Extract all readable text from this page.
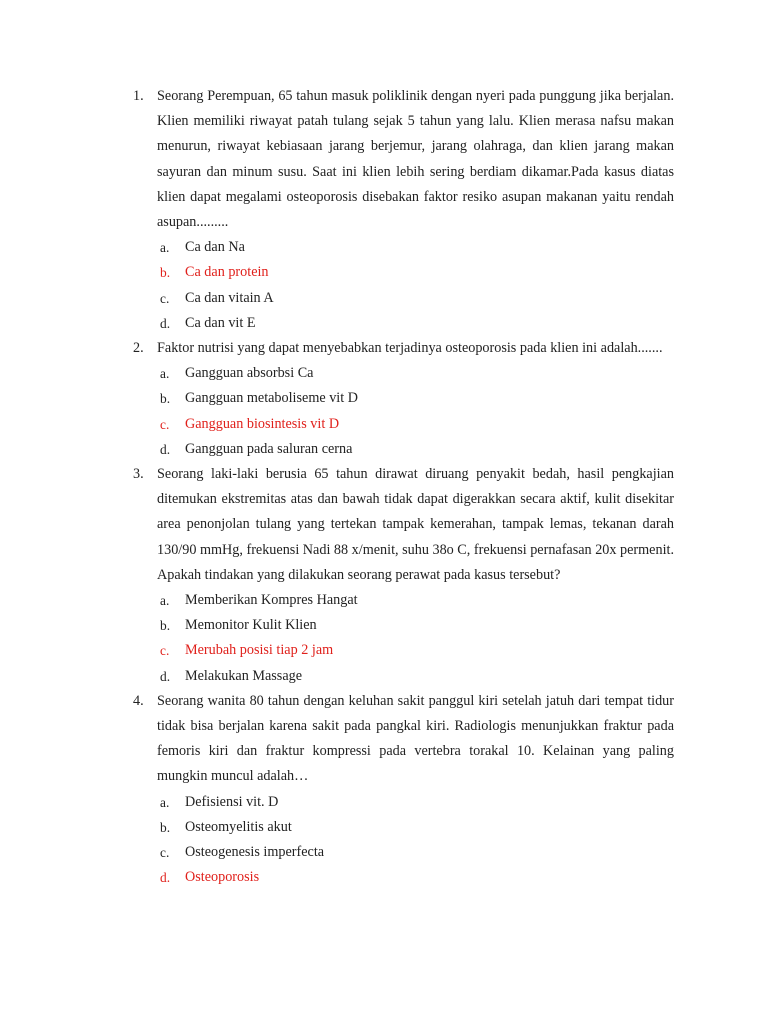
1. Seorang Perempuan, 65 tahun masuk poliklinik dengan nyeri pada punggung jika berjalan. Klien memiliki riwayat patah tulang sejak 5 tahun yang lalu. Klien merasa nafsu makan menurun, riwayat kebiasaan jarang berjemur, jarang olahraga, dan klien jarang makan sayuran dan minum susu. Saat ini klien lebih sering berdiam dikamar.Pada kasus diatas klien dapat megalami osteoporosis disebakan faktor resiko asupan makanan yaitu rendah asupan.........
a. Ca dan Na
b. Ca dan protein
c. Ca dan vitain A
d. Ca dan vit E
2. Faktor nutrisi yang dapat menyebabkan terjadinya osteoporosis pada klien ini adalah.......
a. Gangguan absorbsi Ca
b. Gangguan metaboliseme vit D
c. Gangguan biosintesis vit D
d. Gangguan pada saluran cerna
3. Seorang laki-laki berusia 65 tahun dirawat diruang penyakit bedah, hasil pengkajian ditemukan ekstremitas atas dan bawah tidak dapat digerakkan secara aktif, kulit disekitar area penonjolan tulang yang tertekan tampak kemerahan, tampak lemas, tekanan darah 130/90 mmHg, frekuensi Nadi 88 x/menit, suhu 38o C, frekuensi pernafasan 20x permenit. Apakah tindakan yang dilakukan seorang perawat pada kasus tersebut?
a. Memberikan Kompres Hangat
b. Memonitor Kulit Klien
c. Merubah posisi tiap 2 jam
d. Melakukan Massage
4. Seorang wanita 80 tahun dengan keluhan sakit panggul kiri setelah jatuh dari tempat tidur tidak bisa berjalan karena sakit pada pangkal kiri. Radiologis menunjukkan fraktur pada femoris kiri dan fraktur kompressi pada vertebra torakal 10. Kelainan yang paling mungkin muncul adalah…
a. Defisiensi vit. D
b. Osteomyelitis akut
c. Osteogenesis imperfecta
d. Osteoporosis
